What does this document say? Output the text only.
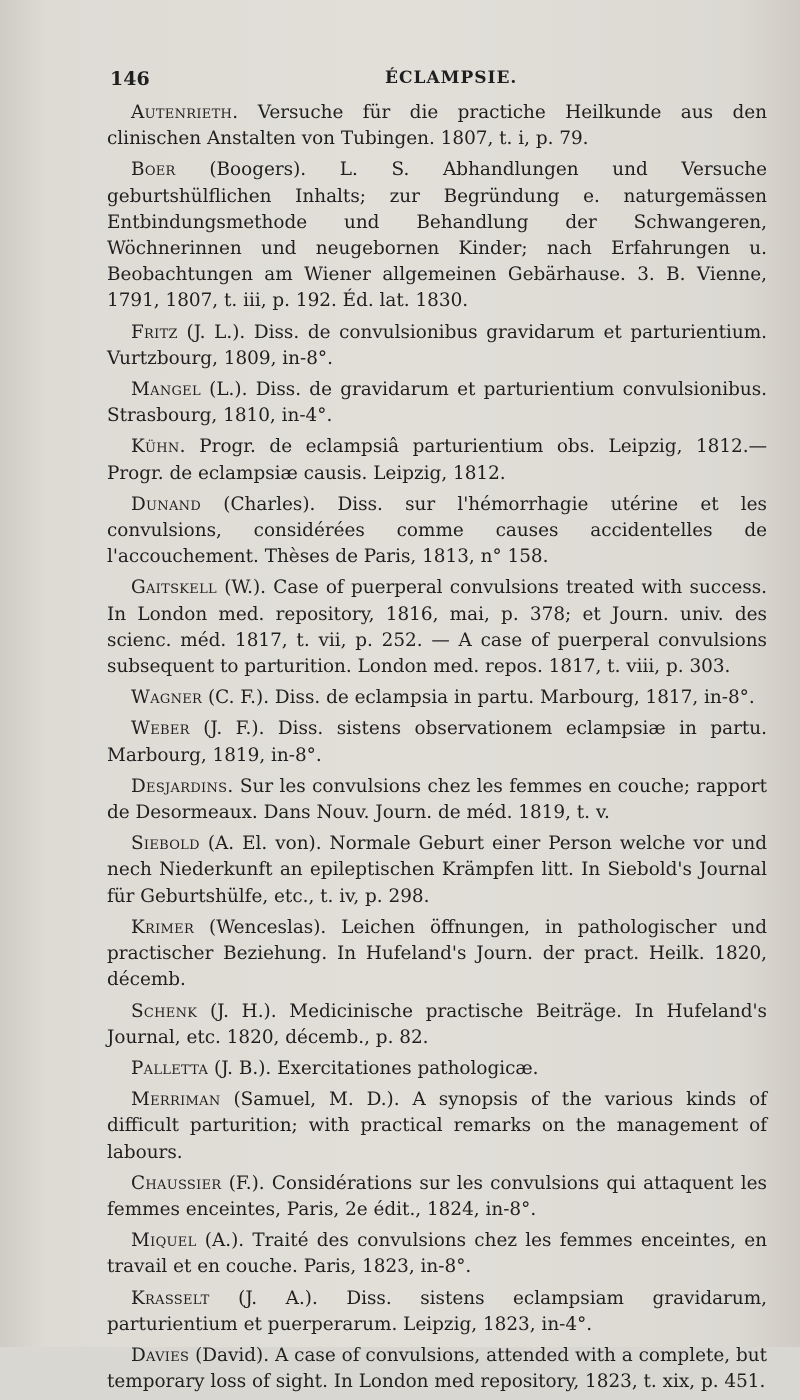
146	ÉCLAMPSIE.

Autenrieth. Versuche für die practiche Heilkunde aus den clinischen Anstalten von Tubingen. 1807, t. i, p. 79.

Boer (Boogers). L. S. Abhandlungen und Versuche geburtshülflichen Inhalts; zur Begründung e. naturgemässen Entbindungsmethode und Behandlung der Schwangeren, Wöchnerinnen und neugebornen Kinder; nach Erfahrungen u. Beobachtungen am Wiener allgemeinen Gebärhause. 3. B. Vienne, 1791, 1807, t. iii, p. 192. Éd. lat. 1830.

Fritz (J. L.). Diss. de convulsionibus gravidarum et parturientium. Vurtzbourg, 1809, in-8°.

Mangel (L.). Diss. de gravidarum et parturientium convulsionibus. Strasbourg, 1810, in-4°.

Kühn. Progr. de eclampsiâ parturientium obs. Leipzig, 1812.— Progr. de eclampsiæ causis. Leipzig, 1812.

Dunand (Charles). Diss. sur l'hémorrhagie utérine et les convulsions, considérées comme causes accidentelles de l'accouchement. Thèses de Paris, 1813, n° 158.

Gaitskell (W.). Case of puerperal convulsions treated with success. In London med. repository, 1816, mai, p. 378; et Journ. univ. des scienc. méd. 1817, t. vii, p. 252. — A case of puerperal convulsions subsequent to parturition. London med. repos. 1817, t. viii, p. 303.

Wagner (C. F.). Diss. de eclampsia in partu. Marbourg, 1817, in-8°.

Weber (J. F.). Diss. sistens observationem eclampsiæ in partu. Marbourg, 1819, in-8°.

Desjardins. Sur les convulsions chez les femmes en couche; rapport de Desormeaux. Dans Nouv. Journ. de méd. 1819, t. v.

Siebold (A. El. von). Normale Geburt einer Person welche vor und nech Niederkunft an epileptischen Krämpfen litt. In Siebold's Journal für Geburtshülfe, etc., t. iv, p. 298.

Krimer (Wenceslas). Leichen öffnungen, in pathologischer und practischer Beziehung. In Hufeland's Journ. der pract. Heilk. 1820, décemb.

Schenk (J. H.). Medicinische practische Beiträge. In Hufeland's Journal, etc. 1820, décemb., p. 82.

Palletta (J. B.). Exercitationes pathologicæ.

Merriman (Samuel, M. D.). A synopsis of the various kinds of difficult parturition; with practical remarks on the management of labours.

Chaussier (F.). Considérations sur les convulsions qui attaquent les femmes enceintes, Paris, 2e édit., 1824, in-8°.

Miquel (A.). Traité des convulsions chez les femmes enceintes, en travail et en couche. Paris, 1823, in-8°.

Krasselt (J. A.). Diss. sistens eclampsiam gravidarum, parturientium et puerperarum. Leipzig, 1823, in-4°.

Davies (David). A case of convulsions, attended with a complete, but temporary loss of sight. In London med repository, 1823, t. xix, p. 451.
